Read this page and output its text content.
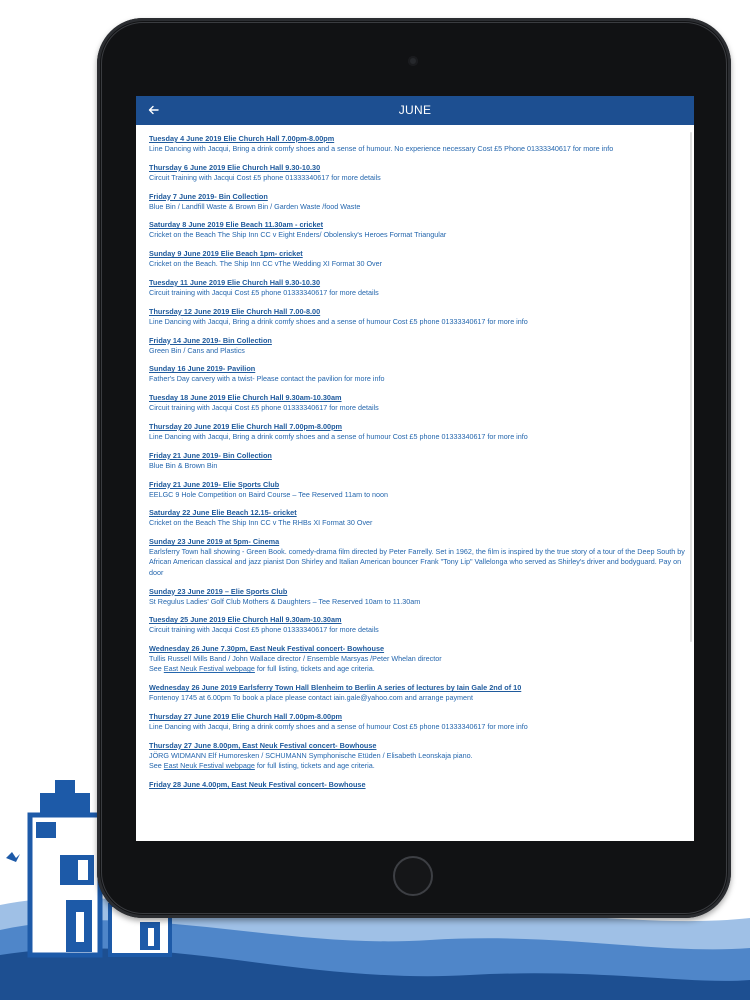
JUNE
Tuesday 4 June 2019 Elie Church Hall 7.00pm-8.00pm
Line Dancing with Jacqui, Bring a drink comfy shoes and a sense of humour. No experience necessary Cost £5 Phone 01333340617 for more info
Thursday 6 June 2019 Elie Church Hall 9.30-10.30
Circuit Training with Jacqui Cost £5 phone 01333340617 for more details
Friday 7 June 2019- Bin Collection
Blue Bin / Landfill Waste & Brown Bin / Garden Waste /food Waste
Saturday 8 June 2019 Elie Beach 11.30am - cricket
Cricket on the Beach The Ship Inn CC v Eight Enders/ Obolensky's Heroes Format Triangular
Sunday 9 June 2019 Elie Beach 1pm- cricket
Cricket on the Beach. The Ship Inn CC vThe Wedding XI Format 30 Over
Tuesday 11 June 2019 Elie Church Hall 9.30-10.30
Circuit training with Jacqui Cost £5 phone 01333340617 for more details
Thursday 12 June 2019 Elie Church Hall 7.00-8.00
Line Dancing with Jacqui, Bring a drink comfy shoes and a sense of humour Cost £5 phone 01333340617 for more info
Friday 14 June 2019- Bin Collection
Green Bin / Cans and Plastics
Sunday 16 June 2019- Pavilion
Father's Day carvery with a twist- Please contact the pavilion for more info
Tuesday 18 June 2019 Elie Church Hall 9.30am-10.30am
Circuit training with Jacqui Cost £5 phone 01333340617 for more details
Thursday 20 June 2019 Elie Church Hall 7.00pm-8.00pm
Line Dancing with Jacqui, Bring a drink comfy shoes and a sense of humour Cost £5 phone 01333340617 for more info
Friday 21 June 2019- Bin Collection
Blue Bin & Brown Bin
Friday 21 June 2019- Elie Sports Club
EELGC 9 Hole Competition on Baird Course – Tee Reserved 11am to noon
Saturday 22 June Elie Beach 12.15- cricket
Cricket on the Beach The Ship Inn CC v The RHBs XI Format 30 Over
Sunday 23 June 2019 at 5pm- Cinema
Earlsferry Town hall showing - Green Book. comedy-drama film directed by Peter Farrelly. Set in 1962, the film is inspired by the true story of a tour of the Deep South by African American classical and jazz pianist Don Shirley and Italian American bouncer Frank "Tony Lip" Vallelonga who served as Shirley's driver and bodyguard. Pay on door
Sunday 23 June 2019 – Elie Sports Club
St Regulus Ladies' Golf Club Mothers & Daughters – Tee Reserved 10am to 11.30am
Tuesday 25 June 2019 Elie Church Hall 9.30am-10.30am
Circuit training with Jacqui Cost £5 phone 01333340617 for more details
Wednesday 26 June 7.30pm, East Neuk Festival concert- Bowhouse
Tullis Russell Mills Band / John Wallace director / Ensemble Marsyas /Peter Whelan director
See East Neuk Festival webpage for full listing, tickets and age criteria.
Wednesday 26 June 2019 Earlsferry Town Hall Blenheim to Berlin A series of lectures by Iain Gale 2nd of 10
Fontenoy 1745 at 6.00pm To book a place please contact iain.gale@yahoo.com and arrange payment
Thursday 27 June 2019 Elie Church Hall 7.00pm-8.00pm
Line Dancing with Jacqui, Bring a drink comfy shoes and a sense of humour Cost £5 phone 01333340617 for more info
Thursday 27 June 8.00pm, East Neuk Festival concert- Bowhouse
JÖRG WIDMANN Elf Humoresken / SCHUMANN Symphonische Etüden / Elisabeth Leonskaja piano.
See East Neuk Festival webpage for full listing, tickets and age criteria.
Friday 28 June 4.00pm, East Neuk Festival concert- Bowhouse
